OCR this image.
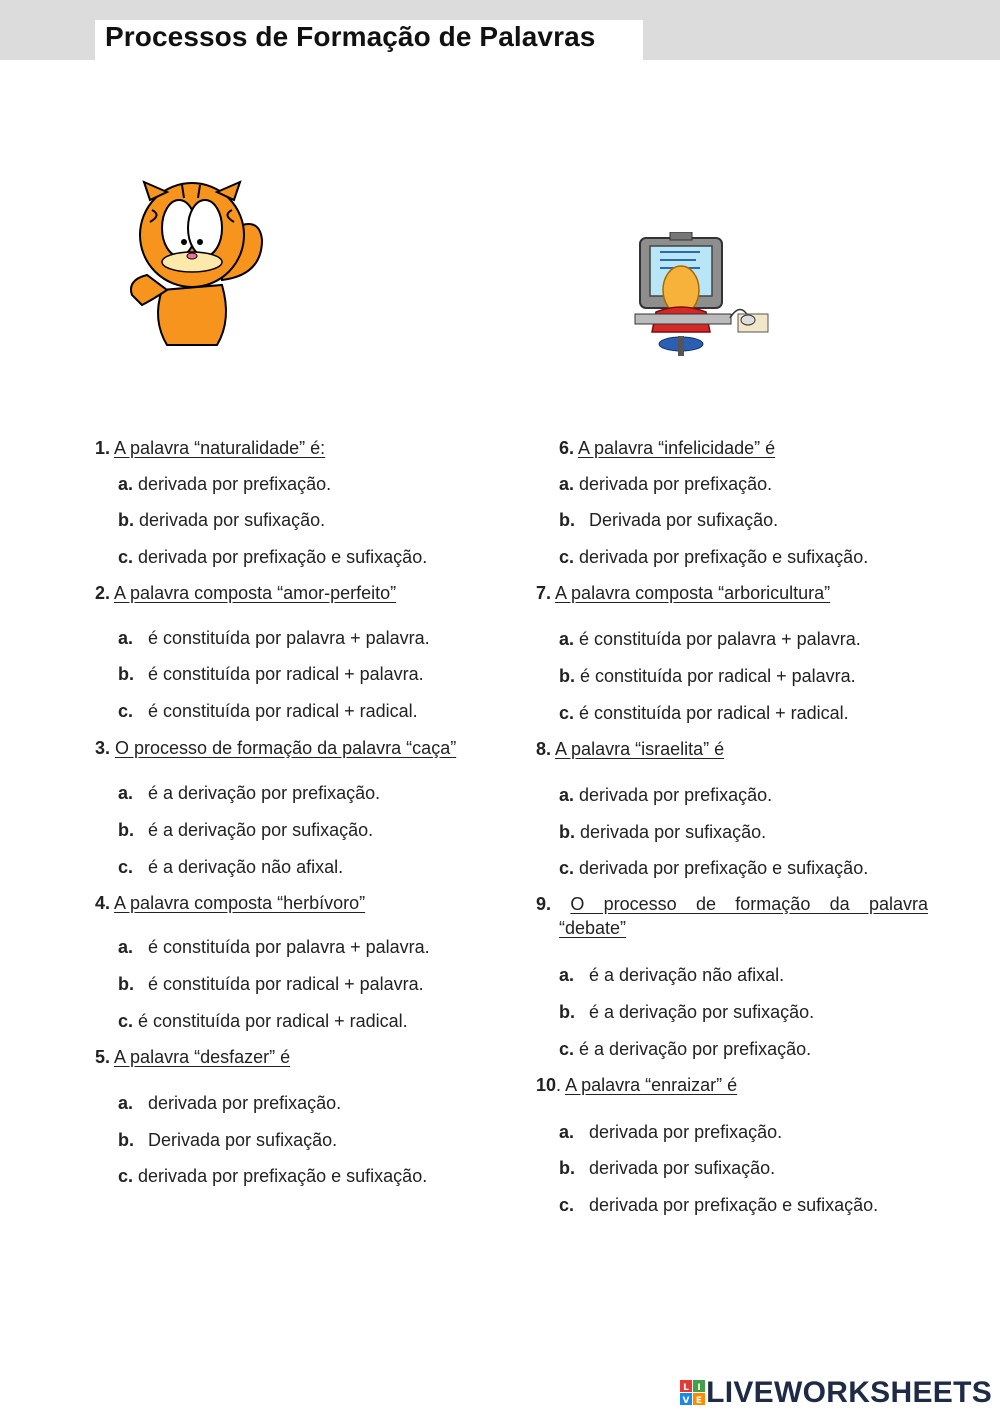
Processos de Formação de Palavras
1. A palavra “naturalidade” é:
a. derivada por prefixação.
b. derivada por sufixação.
c. derivada por prefixação e sufixação.
2. A palavra composta “amor-perfeito”
a. é constituída por palavra + palavra.
b. é constituída por radical + palavra.
c. é constituída por radical + radical.
3. O processo de formação da palavra “caça”
a. é a derivação por prefixação.
b. é a derivação por sufixação.
c. é a derivação não afixal.
4. A palavra composta “herbívoro”
a. é constituída por palavra + palavra.
b. é constituída por radical + palavra.
c. é constituída por radical + radical.
5. A palavra “desfazer” é
a. derivada por prefixação.
b. Derivada por sufixação.
c. derivada por prefixação e sufixação.
6. A palavra “infelicidade” é
a. derivada por prefixação.
b. Derivada por sufixação.
c. derivada por prefixação e sufixação.
7. A palavra composta “arboricultura”
a. é constituída por palavra + palavra.
b. é constituída por radical + palavra.
c. é constituída por radical + radical.
8. A palavra “israelita” é
a. derivada por prefixação.
b. derivada por sufixação.
c. derivada por prefixação e sufixação.
9. O processo de formação da palavra
“debate”
a. é a derivação não afixal.
b. é a derivação por sufixação.
c. é a derivação por prefixação.
10. A palavra “enraizar” é
a. derivada por prefixação.
b. derivada por sufixação.
c. derivada por prefixação e sufixação.
L I
V E LIVEWORKSHEETS
